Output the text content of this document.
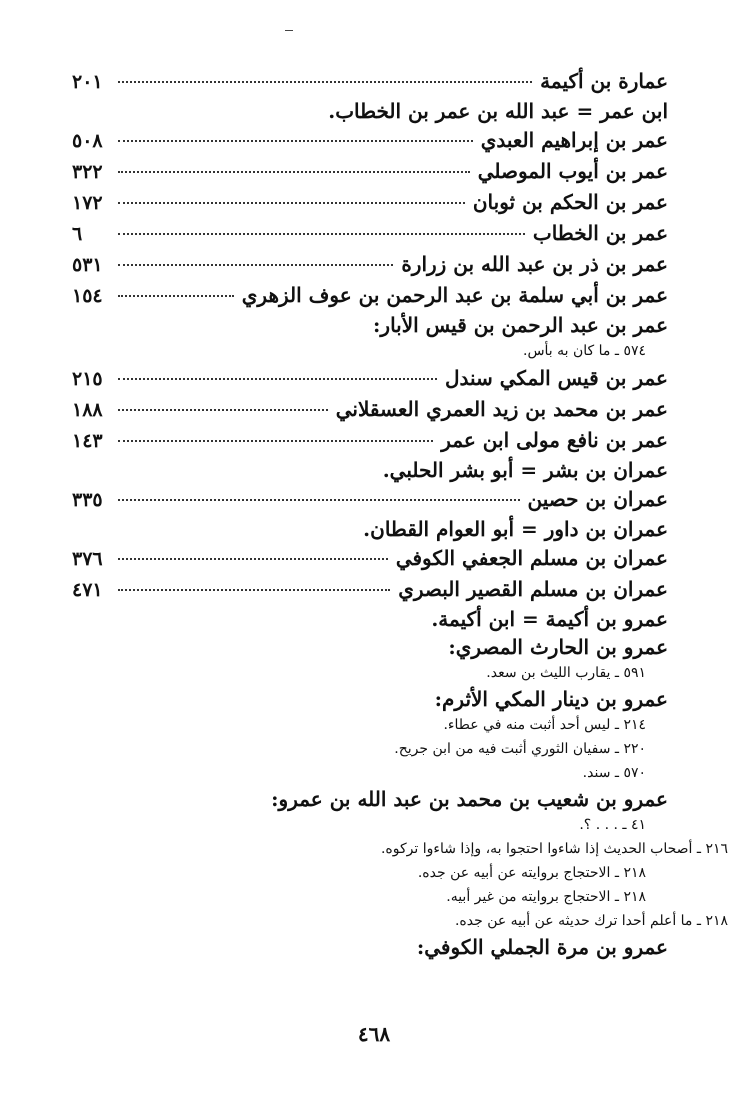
عمارة بن أكيمة
٢٠١
ابن عمر = عبد الله بن عمر بن الخطاب.
عمر بن إبراهيم العبدي
٥٠٨
عمر بن أيوب الموصلي
٣٢٢
عمر بن الحكم بن ثوبان
١٧٢
عمر بن الخطاب
٦
عمر بن ذر بن عبد الله بن زرارة
٥٣١
عمر بن أبي سلمة بن عبد الرحمن بن عوف الزهري
١٥٤
عمر بن عبد الرحمن بن قيس الأبار:
٥٧٤ ـ ما كان به بأس.
عمر بن قيس المكي سندل
٢١٥
عمر بن محمد بن زيد العمري العسقلاني
١٨٨
عمر بن نافع مولى ابن عمر
١٤٣
عمران بن بشر = أبو بشر الحلبي.
عمران بن حصين
٣٣٥
عمران بن داور = أبو العوام القطان.
عمران بن مسلم الجعفي الكوفي
٣٧٦
عمران بن مسلم القصير البصري
٤٧١
عمرو بن أكيمة = ابن أكيمة.
عمرو بن الحارث المصري:
٥٩١ ـ يقارب الليث بن سعد.
عمرو بن دينار المكي الأثرم:
٢١٤ ـ ليس أحد أثبت منه في عطاء.
٢٢٠ ـ سفيان الثوري أثبت فيه من ابن جريح.
٥٧٠ ـ سند.
عمرو بن شعيب بن محمد بن عبد الله بن عمرو:
٤١ ـ . . . ؟.
٢١٦ ـ أصحاب الحديث إذا شاءوا احتجوا به، وإذا شاءوا تركوه.
٢١٨ ـ الاحتجاج بروايته عن أبيه عن جده.
٢١٨ ـ الاحتجاج بروايته من غير أبيه.
٢١٨ ـ ما أعلم أحدا ترك حديثه عن أبيه عن جده.
عمرو بن مرة الجملي الكوفي:
٤٦٨
